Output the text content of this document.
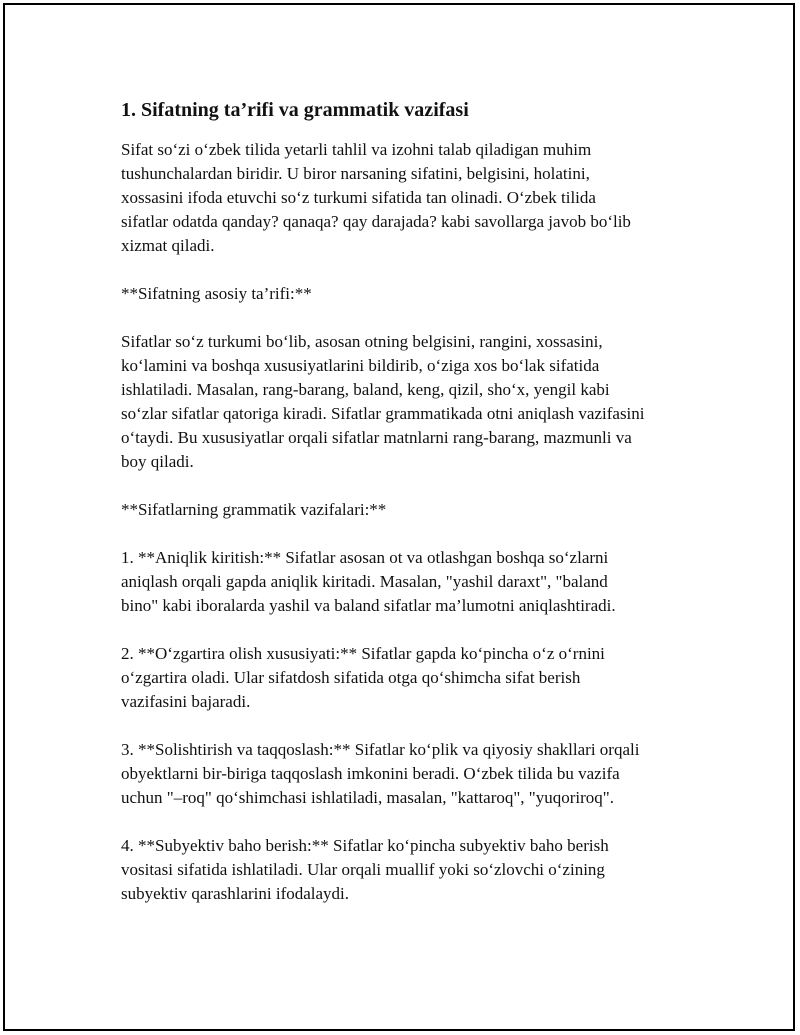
1. Sifatning ta’rifi va grammatik vazifasi

Sifat so‘zi o‘zbek tilida yetarli tahlil va izohni talab qiladigan muhim
tushunchalardan biridir. U biror narsaning sifatini, belgisini, holatini,
xossasini ifoda etuvchi so‘z turkumi sifatida tan olinadi. O‘zbek tilida
sifatlar odatda qanday? qanaqa? qay darajada? kabi savollarga javob bo‘lib
xizmat qiladi.

**Sifatning asosiy ta’rifi:**

Sifatlar so‘z turkumi bo‘lib, asosan otning belgisini, rangini, xossasini,
ko‘lamini va boshqa xususiyatlarini bildirib, o‘ziga xos bo‘lak sifatida
ishlatiladi. Masalan, rang-barang, baland, keng, qizil, sho‘x, yengil kabi
so‘zlar sifatlar qatoriga kiradi. Sifatlar grammatikada otni aniqlash vazifasini
o‘taydi. Bu xususiyatlar orqali sifatlar matnlarni rang-barang, mazmunli va
boy qiladi.

**Sifatlarning grammatik vazifalari:**

1. **Aniqlik kiritish:** Sifatlar asosan ot va otlashgan boshqa so‘zlarni
aniqlash orqali gapda aniqlik kiritadi. Masalan, "yashil daraxt", "baland
bino" kabi iboralarda yashil va baland sifatlar ma’lumotni aniqlashtiradi.

2. **O‘zgartira olish xususiyati:** Sifatlar gapda ko‘pincha o‘z o‘rnini
o‘zgartira oladi. Ular sifatdosh sifatida otga qo‘shimcha sifat berish
vazifasini bajaradi.

3. **Solishtirish va taqqoslash:** Sifatlar ko‘plik va qiyosiy shakllari orqali
obyektlarni bir-biriga taqqoslash imkonini beradi. O‘zbek tilida bu vazifa
uchun "–roq" qo‘shimchasi ishlatiladi, masalan, "kattaroq", "yuqoriroq".

4. **Subyektiv baho berish:** Sifatlar ko‘pincha subyektiv baho berish
vositasi sifatida ishlatiladi. Ular orqali muallif yoki so‘zlovchi o‘zining
subyektiv qarashlarini ifodalaydi.
